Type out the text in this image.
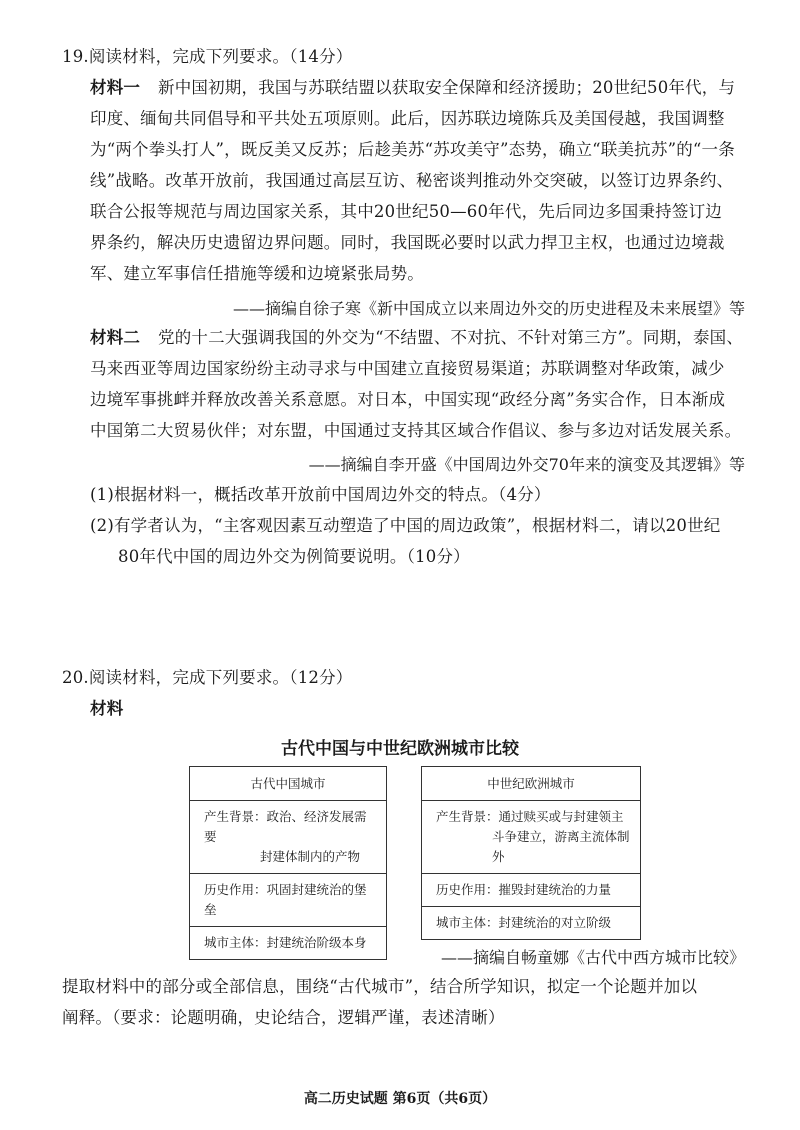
19.阅读材料，完成下列要求。（14分）
材料一 新中国初期，我国与苏联结盟以获取安全保障和经济援助；20世纪50年代，与
印度、缅甸共同倡导和平共处五项原则。此后，因苏联边境陈兵及美国侵越，我国调整
为“两个拳头打人”，既反美又反苏；后趁美苏“苏攻美守”态势，确立“联美抗苏”的“一条
线”战略。改革开放前，我国通过高层互访、秘密谈判推动外交突破，以签订边界条约、
联合公报等规范与周边国家关系，其中20世纪50—60年代，先后同边多国秉持签订边
界条约，解决历史遗留边界问题。同时，我国既必要时以武力捍卫主权，也通过边境裁
军、建立军事信任措施等缓和边境紧张局势。
——摘编自徐子寒《新中国成立以来周边外交的历史进程及未来展望》等
材料二 党的十二大强调我国的外交为“不结盟、不对抗、不针对第三方”。同期，泰国、
马来西亚等周边国家纷纷主动寻求与中国建立直接贸易渠道；苏联调整对华政策，减少
边境军事挑衅并释放改善关系意愿。对日本，中国实现“政经分离”务实合作，日本渐成
中国第二大贸易伙伴；对东盟，中国通过支持其区域合作倡议、参与多边对话发展关系。
——摘编自李开盛《中国周边外交70年来的演变及其逻辑》等
(1)根据材料一，概括改革开放前中国周边外交的特点。（4分）
(2)有学者认为，“主客观因素互动塑造了中国的周边政策”，根据材料二，请以20世纪
80年代中国的周边外交为例简要说明。（10分）
20.阅读材料，完成下列要求。（12分）
材料
古代中国与中世纪欧洲城市比较
古代中国城市
产生背景：政治、经济发展需要
封建体制内的产物
历史作用：巩固封建统治的堡垒
城市主体：封建统治阶级本身
中世纪欧洲城市
产生背景：通过赎买或与封建领主
斗争建立，游离主流体制外
历史作用：摧毁封建统治的力量
城市主体：封建统治的对立阶级
——摘编自畅童娜《古代中西方城市比较》
提取材料中的部分或全部信息，围绕“古代城市”，结合所学知识，拟定一个论题并加以
阐释。（要求：论题明确，史论结合，逻辑严谨，表述清晰）
高二历史试题 第6页（共6页）
